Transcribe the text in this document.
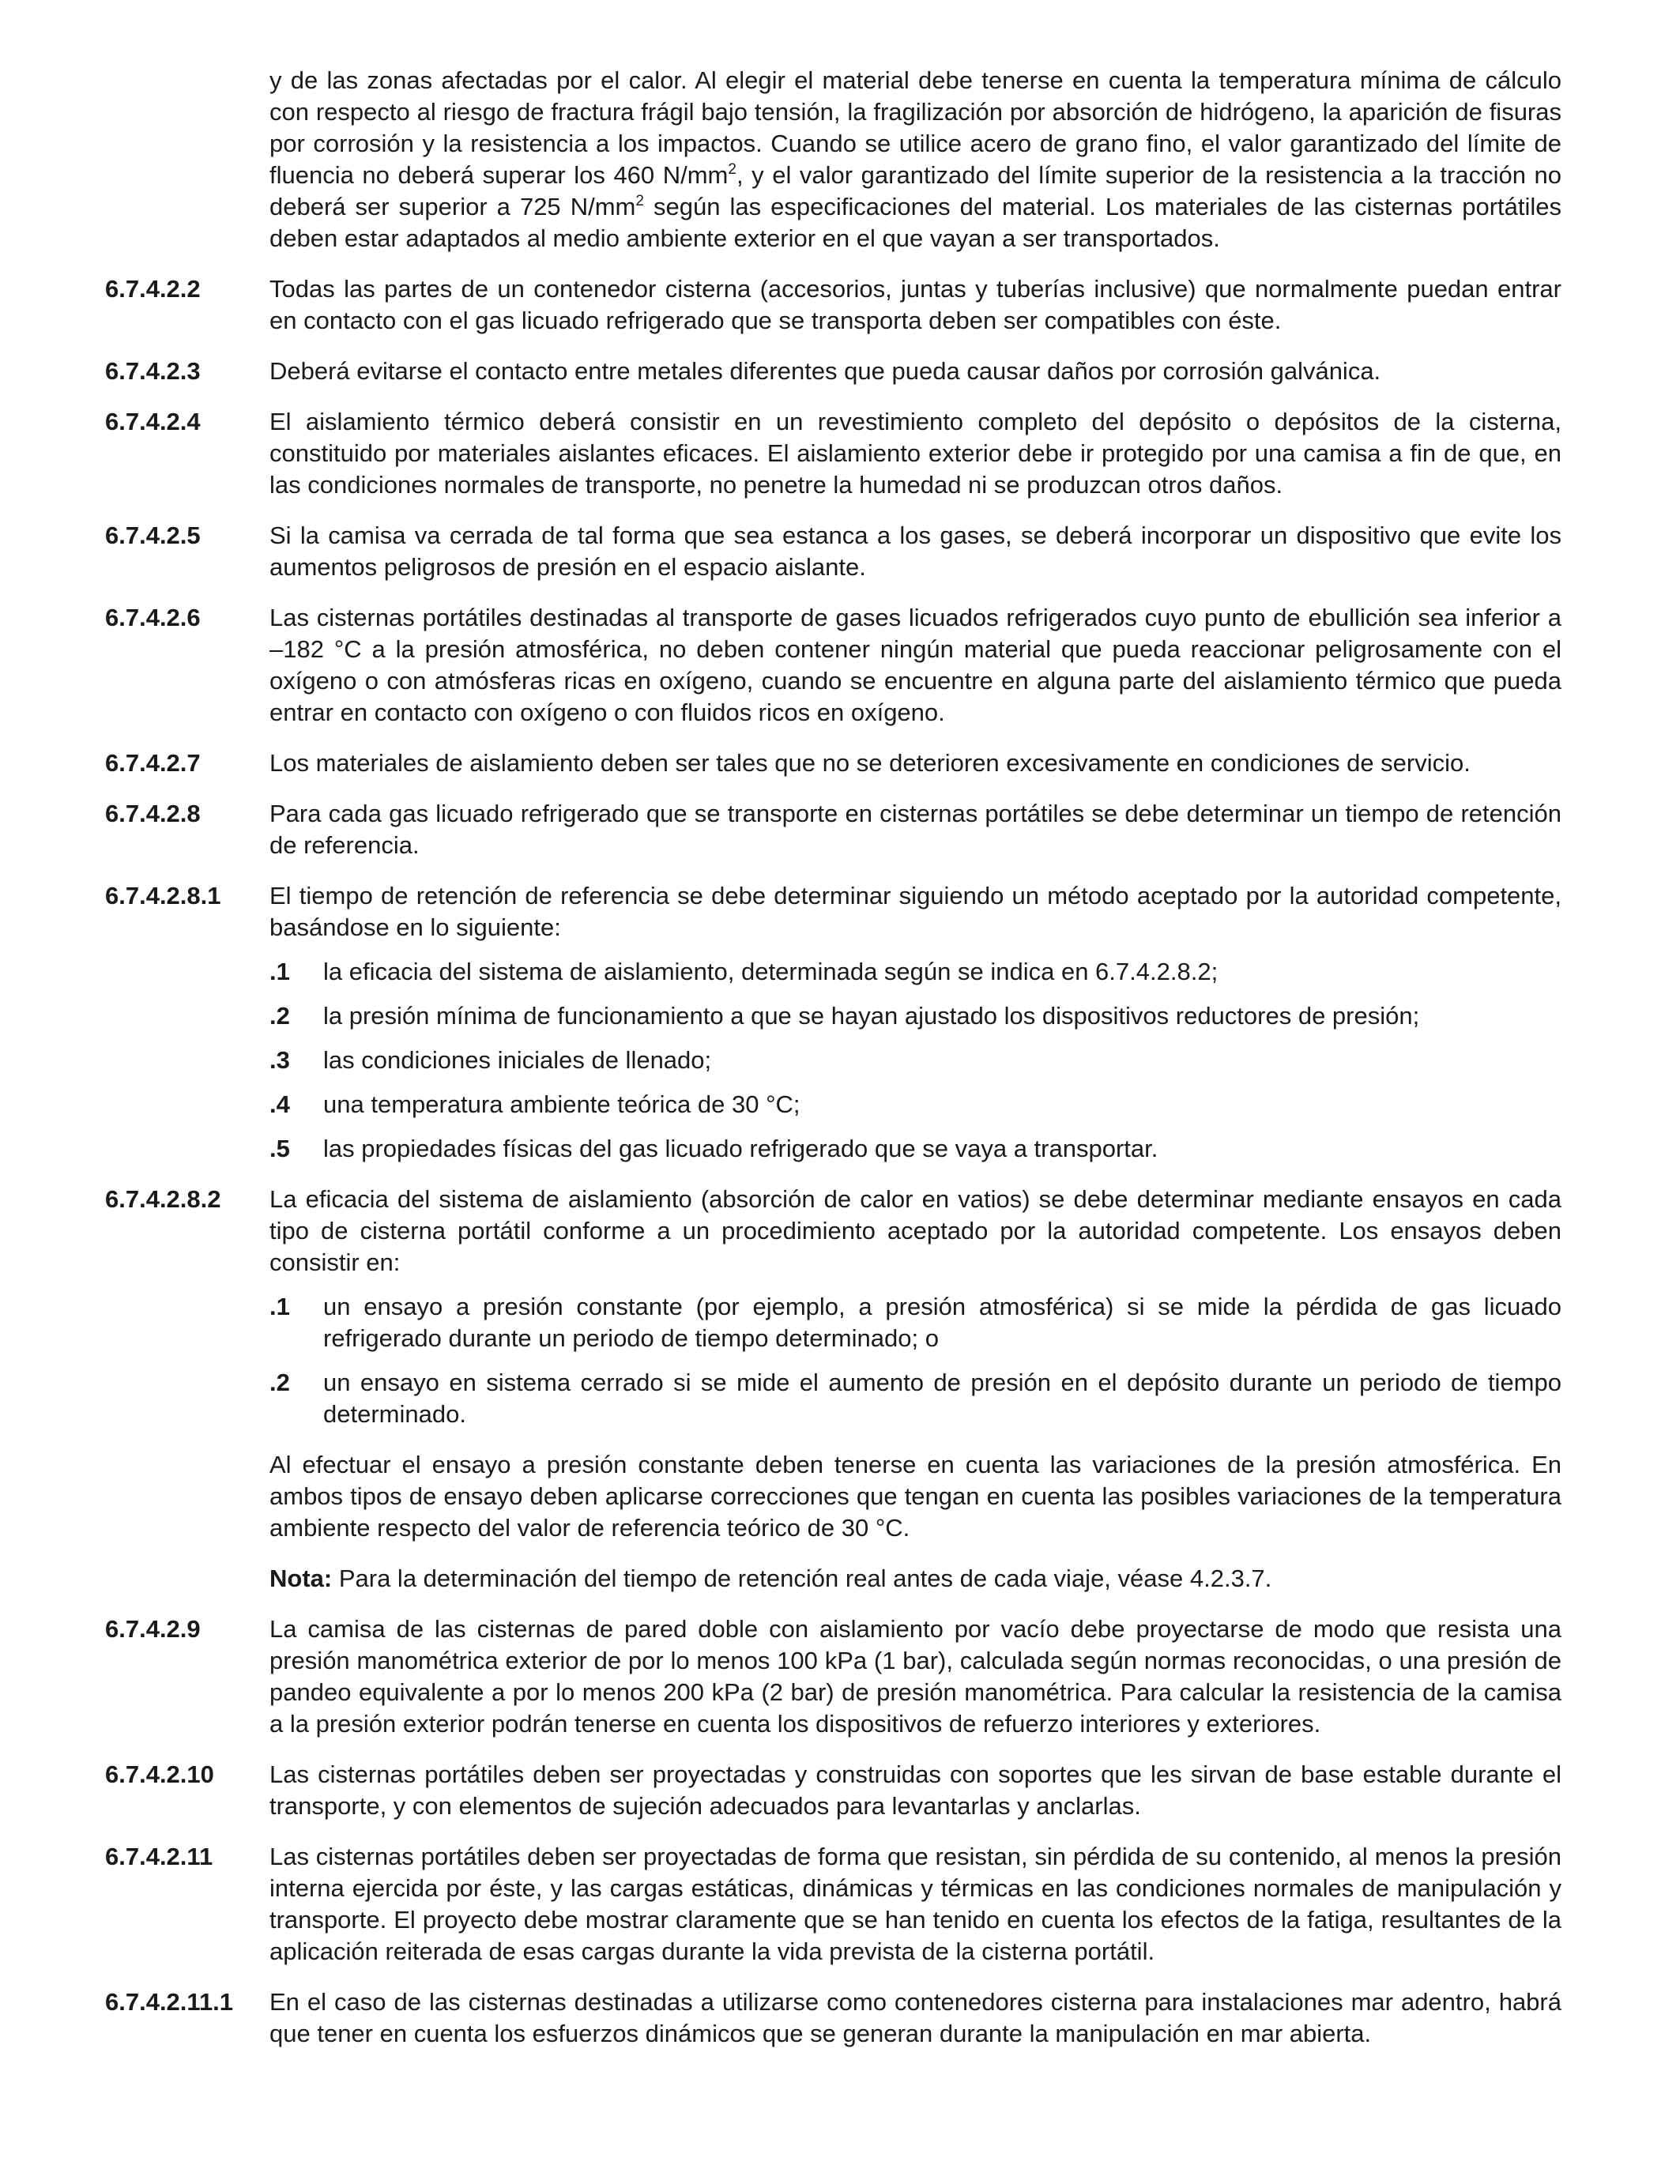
y de las zonas afectadas por el calor. Al elegir el material debe tenerse en cuenta la temperatura mínima de cálculo con respecto al riesgo de fractura frágil bajo tensión, la fragilización por absorción de hidrógeno, la aparición de fisuras por corrosión y la resistencia a los impactos. Cuando se utilice acero de grano fino, el valor garantizado del límite de fluencia no deberá superar los 460 $N/mm^2$, y el valor garantizado del límite superior de la resistencia a la tracción no deberá ser superior a 725 $N/mm^2$ según las especificaciones del material. Los materiales de las cisternas portátiles deben estar adaptados al medio ambiente exterior en el que vayan a ser transportados.
6.7.4.2.2	Todas las partes de un contenedor cisterna (accesorios, juntas y tuberías inclusive) que normalmente puedan entrar en contacto con el gas licuado refrigerado que se transporta deben ser compatibles con éste.
6.7.4.2.3	Deberá evitarse el contacto entre metales diferentes que pueda causar daños por corrosión galvánica.
6.7.4.2.4	El aislamiento térmico deberá consistir en un revestimiento completo del depósito o depósitos de la cisterna, constituido por materiales aislantes eficaces. El aislamiento exterior debe ir protegido por una camisa a fin de que, en las condiciones normales de transporte, no penetre la humedad ni se produzcan otros daños.
6.7.4.2.5	Si la camisa va cerrada de tal forma que sea estanca a los gases, se deberá incorporar un dispositivo que evite los aumentos peligrosos de presión en el espacio aislante.
6.7.4.2.6	Las cisternas portátiles destinadas al transporte de gases licuados refrigerados cuyo punto de ebullición sea inferior a –182 °C a la presión atmosférica, no deben contener ningún material que pueda reaccionar peligrosamente con el oxígeno o con atmósferas ricas en oxígeno, cuando se encuentre en alguna parte del aislamiento térmico que pueda entrar en contacto con oxígeno o con fluidos ricos en oxígeno.
6.7.4.2.7	Los materiales de aislamiento deben ser tales que no se deterioren excesivamente en condiciones de servicio.
6.7.4.2.8	Para cada gas licuado refrigerado que se transporte en cisternas portátiles se debe determinar un tiempo de retención de referencia.
6.7.4.2.8.1 El tiempo de retención de referencia se debe determinar siguiendo un método aceptado por la autoridad competente, basándose en lo siguiente:

.1 la eficacia del sistema de aislamiento, determinada según se indica en 6.7.4.2.8.2;
.2 la presión mínima de funcionamiento a que se hayan ajustado los dispositivos reductores de presión;
.3 las condiciones iniciales de llenado;
.4 una temperatura ambiente teórica de 30 °C;
.5 las propiedades físicas del gas licuado refrigerado que se vaya a transportar.
6.7.4.2.8.2 La eficacia del sistema de aislamiento (absorción de calor en vatios) se debe determinar mediante ensayos en cada tipo de cisterna portátil conforme a un procedimiento aceptado por la autoridad competente. Los ensayos deben consistir en:

.1 un ensayo a presión constante (por ejemplo, a presión atmosférica) si se mide la pérdida de gas licuado refrigerado durante un periodo de tiempo determinado; o
.2 un ensayo en sistema cerrado si se mide el aumento de presión en el depósito durante un periodo de tiempo determinado.

Al efectuar el ensayo a presión constante deben tenerse en cuenta las variaciones de la presión atmosférica. En ambos tipos de ensayo deben aplicarse correcciones que tengan en cuenta las posibles variaciones de la temperatura ambiente respecto del valor de referencia teórico de 30 °C.

Nota: Para la determinación del tiempo de retención real antes de cada viaje, véase 4.2.3.7.

6.7.4.2.9	La camisa de las cisternas de pared doble con aislamiento por vacío debe proyectarse de modo que resista una presión manométrica exterior de por lo menos 100 kPa (1 bar), calculada según normas reconocidas, o una presión de pandeo equivalente a por lo menos 200 kPa (2 bar) de presión manométrica. Para calcular la resistencia de la camisa a la presión exterior podrán tenerse en cuenta los dispositivos de refuerzo interiores y exteriores.
6.7.4.2.10 Las cisternas portátiles deben ser proyectadas y construidas con soportes que les sirvan de base estable durante el transporte, y con elementos de sujeción adecuados para levantarlas y anclarlas.
6.7.4.2.11 Las cisternas portátiles deben ser proyectadas de forma que resistan, sin pérdida de su contenido, al menos la presión interna ejercida por éste, y las cargas estáticas, dinámicas y térmicas en las condiciones normales de manipulación y transporte. El proyecto debe mostrar claramente que se han tenido en cuenta los efectos de la fatiga, resultantes de la aplicación reiterada de esas cargas durante la vida prevista de la cisterna portátil.
6.7.4.2.11.1 En el caso de las cisternas destinadas a utilizarse como contenedores cisterna para instalaciones mar adentro, habrá que tener en cuenta los esfuerzos dinámicos que se generan durante la manipulación en mar abierta.
